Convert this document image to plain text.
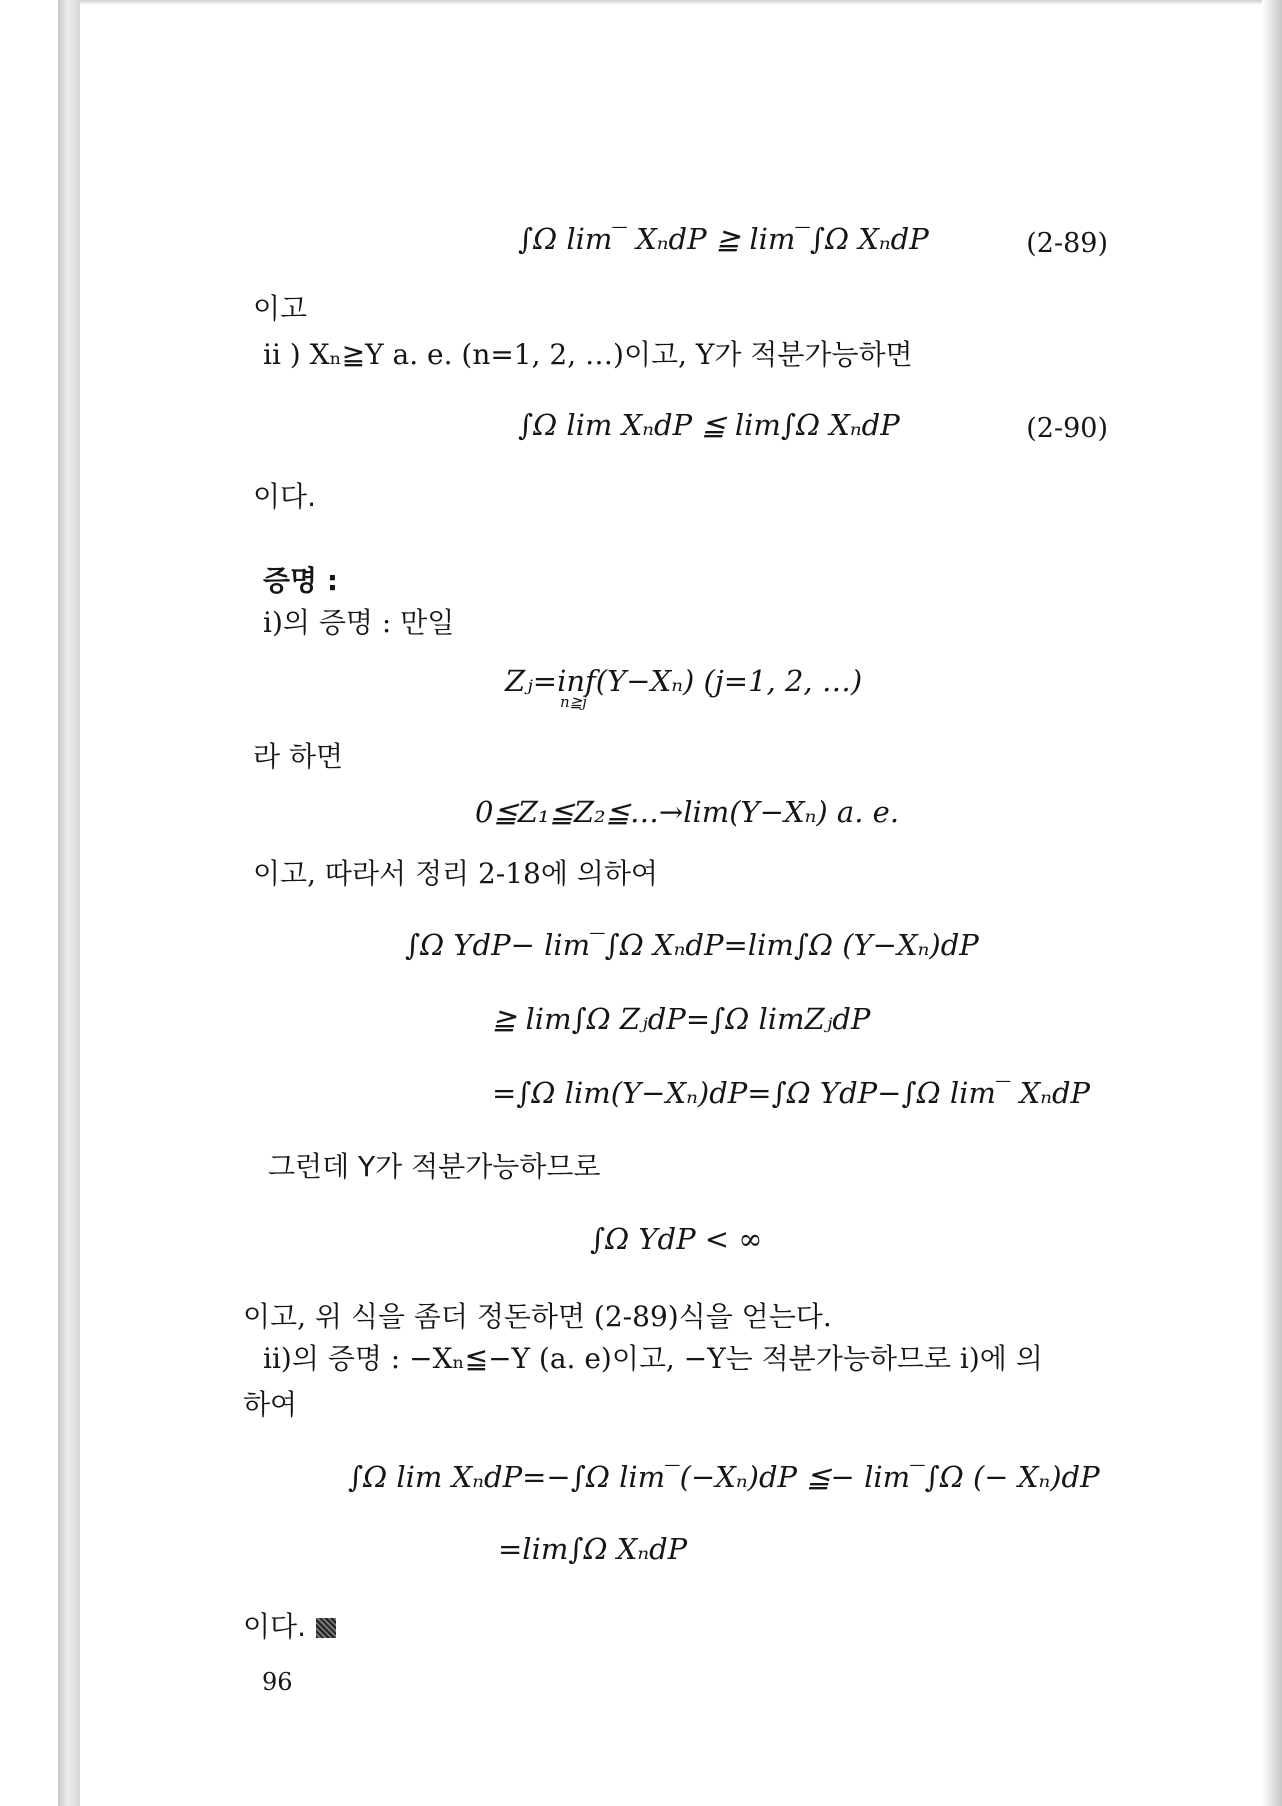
∫Ω lim‾ XₙdP ≧ lim‾∫Ω XₙdP	(2-89)
이고
ii ) Xₙ≧Y a. e. (n=1, 2, …)이고, Y가 적분가능하면
∫Ω lim XₙdP ≦ lim∫Ω XₙdP	(2-90)
이다.
증명 :
i)의 증명 : 만일
Zⱼ=inf(Y−Xₙ) (j=1, 2, …)
n≧j
라 하면
0≦Z₁≦Z₂≦…→lim(Y−Xₙ) a. e.
이고, 따라서 정리 2-18에 의하여
∫Ω YdP− lim‾∫Ω XₙdP=lim∫Ω (Y−Xₙ)dP
≧ lim∫Ω ZⱼdP=∫Ω limZⱼdP
=∫Ω lim(Y−Xₙ)dP=∫Ω YdP−∫Ω lim‾ XₙdP
그런데 Y가 적분가능하므로
∫Ω YdP < ∞
이고, 위 식을 좀더 정돈하면 (2-89)식을 얻는다.
ii)의 증명 : −Xₙ≦−Y (a. e)이고, −Y는 적분가능하므로 i)에 의
하여
∫Ω lim XₙdP=−∫Ω lim‾(−Xₙ)dP ≦− lim‾∫Ω (− Xₙ)dP
=lim∫Ω XₙdP
이다.
96
